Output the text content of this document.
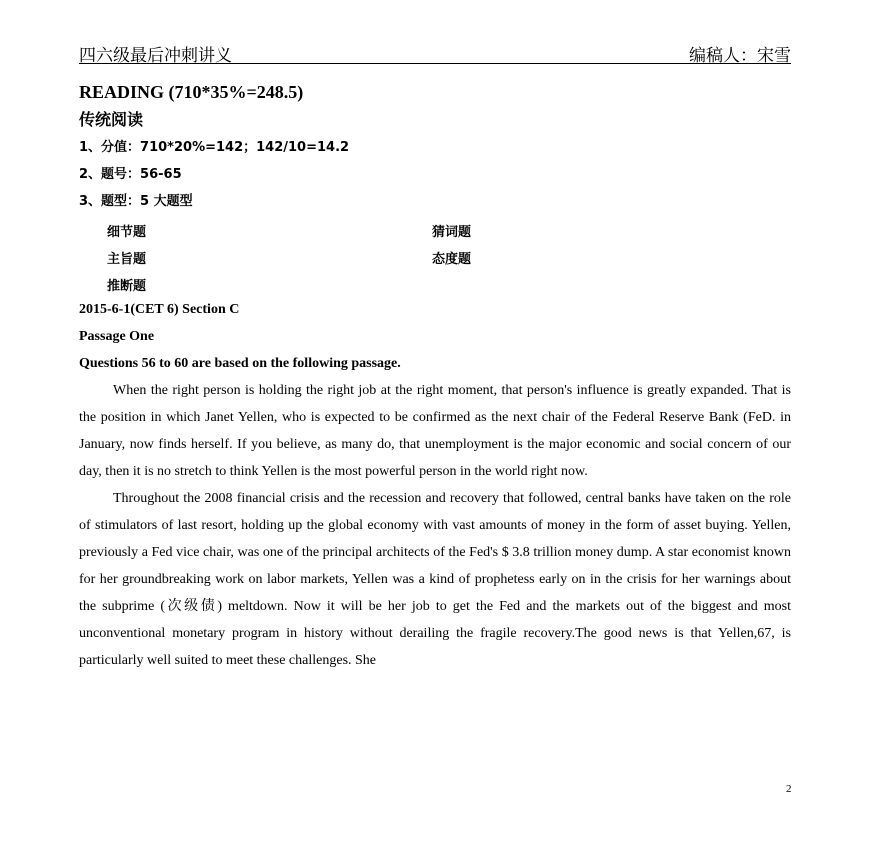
四六级最后冲刺讲义	编稿人：宋雪
READING (710*35%=248.5)
传统阅读
1、分值：710*20%=142；142/10=14.2
2、题号：56-65
3、题型：5 大题型
细节题	猜词题
主旨题	态度题
推断题
2015-6-1(CET 6) Section C
Passage One
Questions 56 to 60 are based on the following passage.

When the right person is holding the right job at the right moment, that person's influence is greatly expanded. That is the position in which Janet Yellen, who is expected to be confirmed as the next chair of the Federal Reserve Bank (FeD. in January, now finds herself. If you believe, as many do, that unemployment is the major economic and social concern of our day, then it is no stretch to think Yellen is the most powerful person in the world right now.

Throughout the 2008 financial crisis and the recession and recovery that followed, central banks have taken on the role of stimulators of last resort, holding up the global economy with vast amounts of money in the form of asset buying. Yellen, previously a Fed vice chair, was one of the principal architects of the Fed's $ 3.8 trillion money dump. A star economist known for her groundbreaking work on labor markets, Yellen was a kind of prophetess early on in the crisis for her warnings about the subprime (次级债) meltdown. Now it will be her job to get the Fed and the markets out of the biggest and most unconventional monetary program in history without derailing the fragile recovery.The good news is that Yellen,67, is particularly well suited to meet these challenges. She

2
